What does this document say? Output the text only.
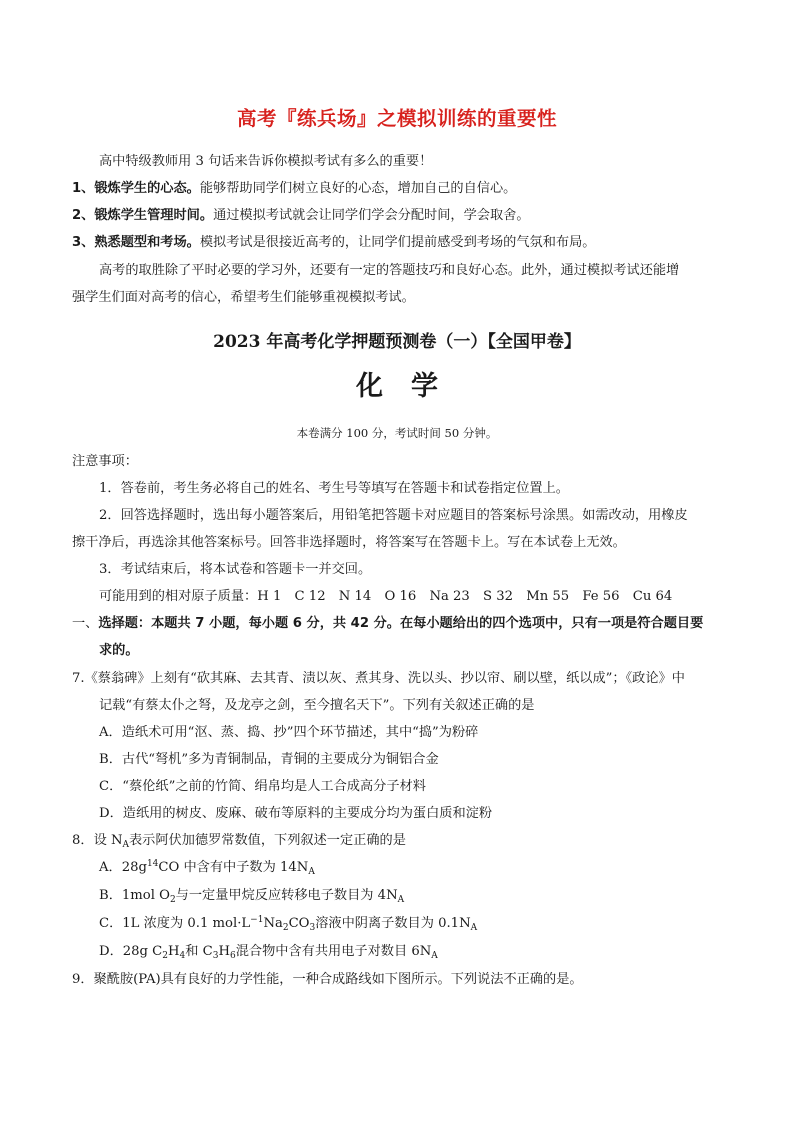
高考『练兵场』之模拟训练的重要性
高中特级教师用 3 句话来告诉你模拟考试有多么的重要！
1、锻炼学生的心态。能够帮助同学们树立良好的心态，增加自己的自信心。
2、锻炼学生管理时间。通过模拟考试就会让同学们学会分配时间，学会取舍。
3、熟悉题型和考场。模拟考试是很接近高考的，让同学们提前感受到考场的气氛和布局。
高考的取胜除了平时必要的学习外，还要有一定的答题技巧和良好心态。此外，通过模拟考试还能增
强学生们面对高考的信心，希望考生们能够重视模拟考试。
2023 年高考化学押题预测卷（一）【全国甲卷】
化学
本卷满分 100 分，考试时间 50 分钟。
注意事项：
1．答卷前，考生务必将自己的姓名、考生号等填写在答题卡和试卷指定位置上。
2．回答选择题时，选出每小题答案后，用铅笔把答题卡对应题目的答案标号涂黑。如需改动，用橡皮
擦干净后，再选涂其他答案标号。回答非选择题时，将答案写在答题卡上。写在本试卷上无效。
3．考试结束后，将本试卷和答题卡一并交回。
可能用到的相对原子质量：H 1　C 12　N 14　O 16　Na 23　S 32　Mn 55　Fe 56　Cu 64
一、选择题：本题共 7 小题，每小题 6 分，共 42 分。在每小题给出的四个选项中，只有一项是符合题目要
求的。
7.《蔡翁碑》上刻有“砍其麻、去其青、渍以灰、煮其身、洗以头、抄以帘、刷以壁，纸以成”；《政论》中
记载“有蔡太仆之弩，及龙亭之剑，至今擅名天下”。下列有关叙述正确的是
A．造纸术可用“沤、蒸、捣、抄”四个环节描述，其中“捣”为粉碎
B．古代“弩机”多为青铜制品，青铜的主要成分为铜铝合金
C．“蔡伦纸”之前的竹简、绢帛均是人工合成高分子材料
D．造纸用的树皮、废麻、破布等原料的主要成分均为蛋白质和淀粉
8．设 $N_A$表示阿伏加德罗常数值，下列叙述一定正确的是
A．$28g^{14}CO$ 中含有中子数为 $14N_A$
B．1mol $O_2$与一定量甲烷反应转移电子数目为 $4N_A$
C．1L 浓度为 0.1 $mol\cdot L^{-1}Na_2CO_3$溶液中阴离子数目为 $0.1N_A$
D．28g $C_2H_4$和 $C_3H_6$混合物中含有共用电子对数目 $6N_A$
9．聚酰胺(PA)具有良好的力学性能，一种合成路线如下图所示。下列说法不正确的是。
